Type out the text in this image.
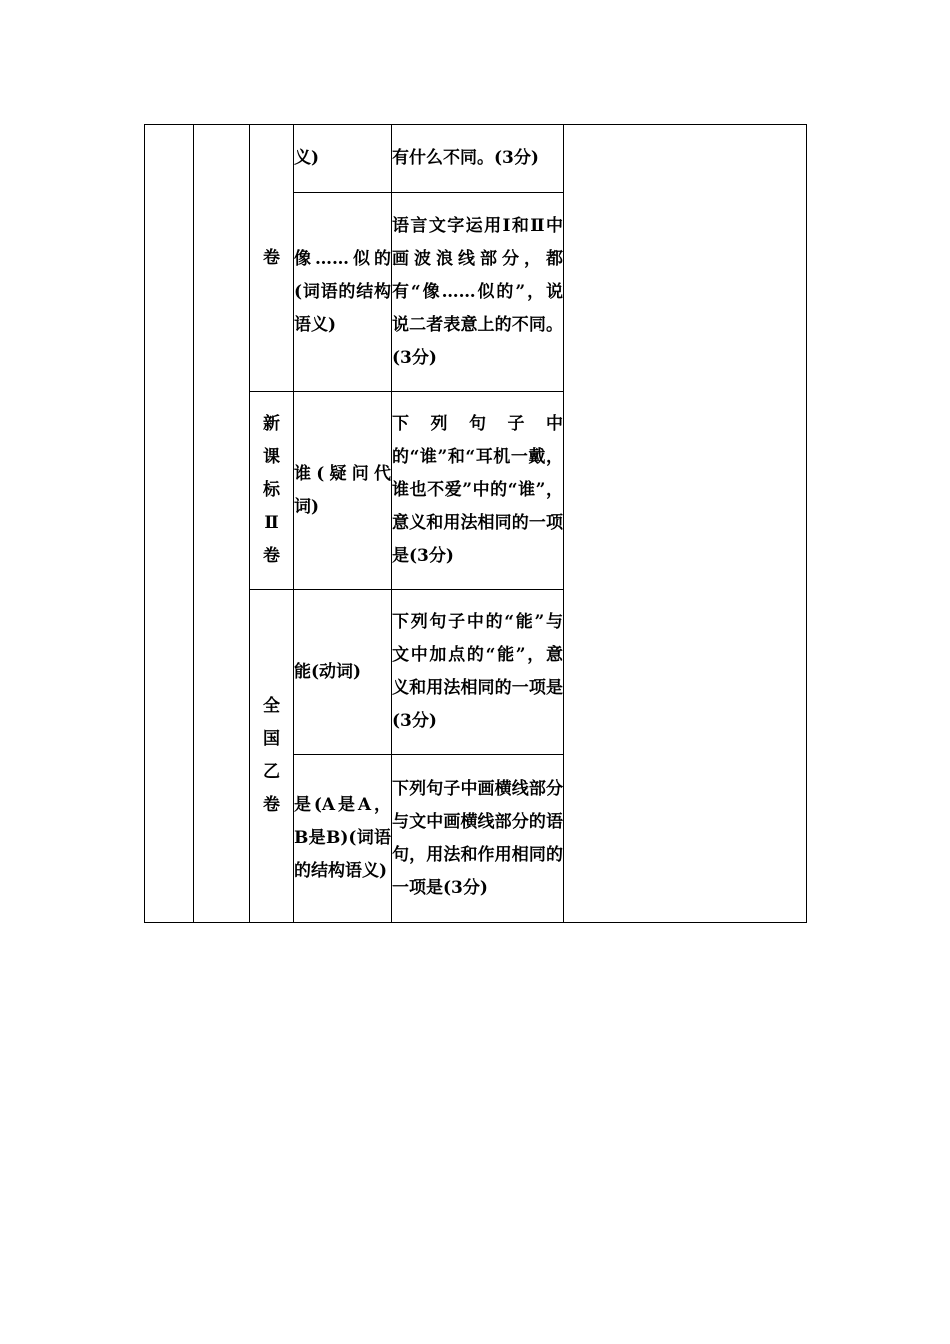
		卷	义)	有什么不同。(3分)	
			像……似的(词语的结构语义)	语言文字运用Ⅰ和Ⅱ中画波浪线部分，都有“像……似的”，说说二者表意上的不同。(3分)	
		新课标Ⅱ卷	谁(疑问代词)	下列句子中的“谁”和“耳机一戴，谁也不爱”中的“谁”，意义和用法相同的一项是(3分)	
		全国乙卷	能(动词)	下列句子中的“能”与文中加点的“能”，意义和用法相同的一项是(3分)	
			是(A是A，B是B)(词语的结构语义)	下列句子中画横线部分与文中画横线部分的语句，用法和作用相同的一项是(3分)	
